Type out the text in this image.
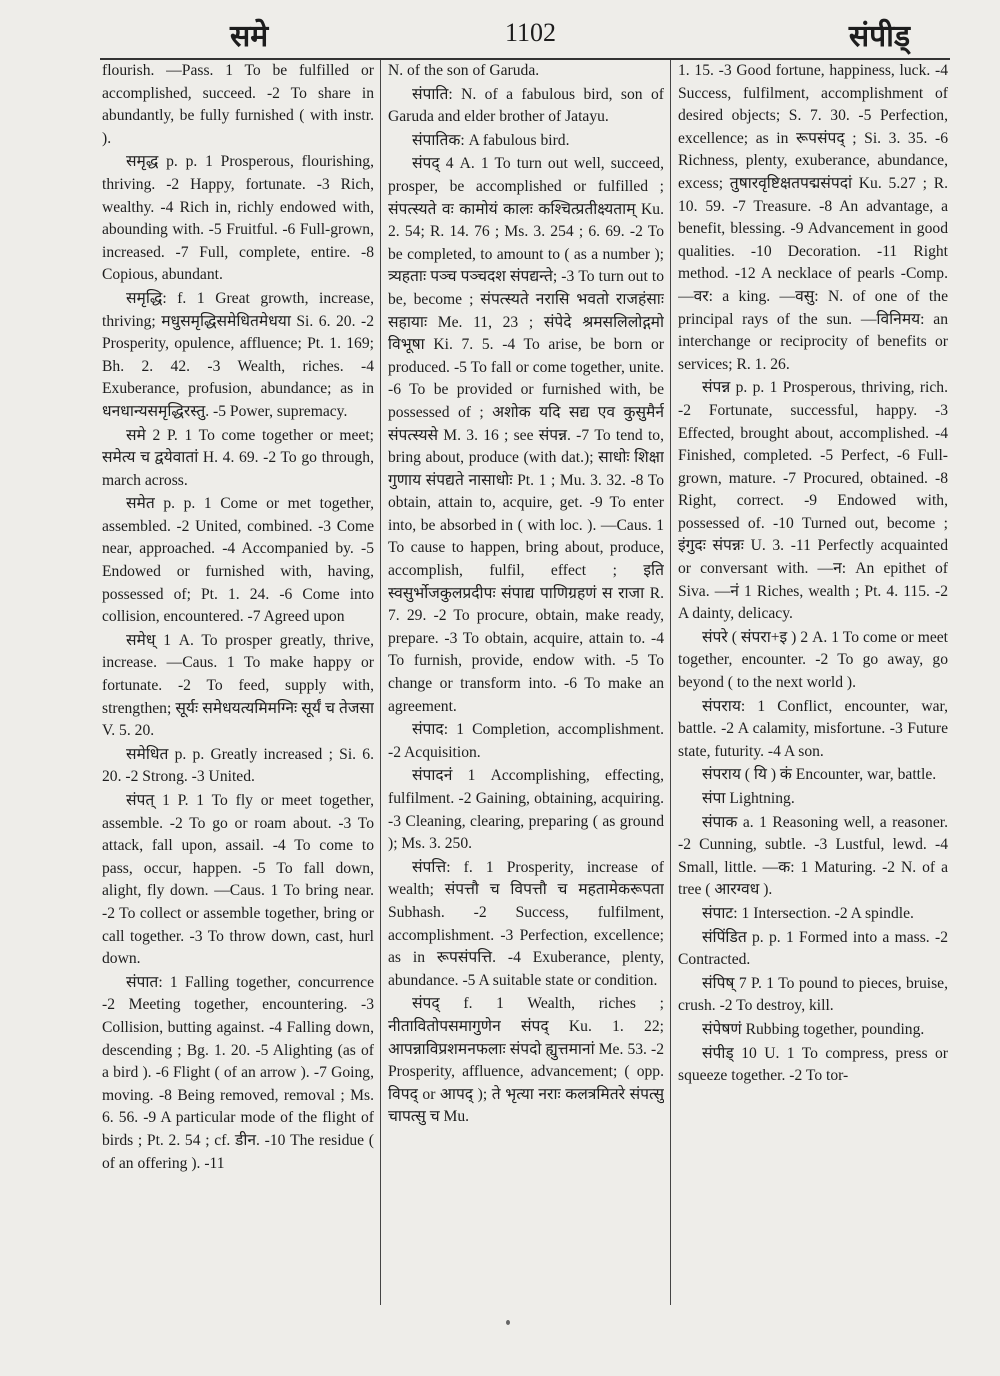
समे	1102	संपीड्

flourish. —Pass. 1 To be fulfilled or accomplished, succeed. -2 To share in abundantly, be fully furnished ( with instr. ).

समृद्ध p. p. 1 Prosperous, flourishing, thriving. -2 Happy, fortunate. -3 Rich, wealthy. -4 Rich in, richly endowed with, abounding with. -5 Fruitful. -6 Full-grown, increased. -7 Full, complete, entire. -8 Copious, abundant.

समृद्धि: f. 1 Great growth, increase, thriving; मधुसमृद्धिसमेधितमेधया Si. 6. 20. -2 Prosperity, opulence, affluence; Pt. 1. 169; Bh. 2. 42. -3 Wealth, riches. -4 Exuberance, profusion, abundance; as in धनधान्यसमृद्धिरस्तु. -5 Power, supremacy.

समे 2 P. 1 To come together or meet; समेत्य च द्वयेवातां H. 4. 69. -2 To go through, march across.

समेत p. p. 1 Come or met together, assembled. -2 United, combined. -3 Come near, approached. -4 Accompanied by. -5 Endowed or furnished with, having, possessed of; Pt. 1. 24. -6 Come into collision, encountered. -7 Agreed upon

समेध् 1 A. To prosper greatly, thrive, increase. —Caus. 1 To make happy or fortunate. -2 To feed, supply with, strengthen; सूर्यः समेधयत्यमिमग्निः सूर्यं च तेजसा V. 5. 20.

समेधित p. p. Greatly increased ; Si. 6. 20. -2 Strong. -3 United.

संपत् 1 P. 1 To fly or meet together, assemble. -2 To go or roam about. -3 To attack, fall upon, assail. -4 To come to pass, occur, happen. -5 To fall down, alight, fly down. —Caus. 1 To bring near. -2 To collect or assemble together, bring or call together. -3 To throw down, cast, hurl down.

संपात: 1 Falling together, concurrence -2 Meeting together, encountering. -3 Collision, butting against. -4 Falling down, descending ; Bg. 1. 20. -5 Alighting (as of a bird ). -6 Flight ( of an arrow ). -7 Going, moving. -8 Being removed, removal ; Ms. 6. 56. -9 A particular mode of the flight of birds ; Pt. 2. 54 ; cf. डीन. -10 The residue ( of an offering ). -11

N. of the son of Garuda.

संपाति: N. of a fabulous bird, son of Garuda and elder brother of Jatayu.

संपातिक: A fabulous bird.

संपद् 4 A. 1 To turn out well, succeed, prosper, be accomplished or fulfilled ; संपत्स्यते वः कामोयं कालः कश्चित्प्रतीक्ष्यताम् Ku. 2. 54; R. 14. 76 ; Ms. 3. 254 ; 6. 69. -2 To be completed, to amount to ( as a number ); त्र्यहताः पञ्च पञ्चदश संपद्यन्ते; -3 To turn out to be, become ; संपत्स्यते नरासि भवतो राजहंसाः सहायाः Me. 11, 23 ; संपेदे श्रमसलिलोद्गमो विभूषा Ki. 7. 5. -4 To arise, be born or produced. -5 To fall or come together, unite. -6 To be provided or furnished with, be possessed of ; अशोक यदि सद्य एव कुसुमैर्न संपत्स्यसे M. 3. 16 ; see संपन्न. -7 To tend to, bring about, produce (with dat.); साधोः शिक्षा गुणाय संपद्यते नासाधोः Pt. 1 ; Mu. 3. 32. -8 To obtain, attain to, acquire, get. -9 To enter into, be absorbed in ( with loc. ). —Caus. 1 To cause to happen, bring about, produce, accomplish, fulfil, effect ; इति स्वसुर्भोजकुलप्रदीपः संपाद्य पाणिग्रहणं स राजा R. 7. 29. -2 To procure, obtain, make ready, prepare. -3 To obtain, acquire, attain to. -4 To furnish, provide, endow with. -5 To change or transform into. -6 To make an agreement.

संपाद: 1 Completion, accomplishment. -2 Acquisition.

संपादनं 1 Accomplishing, effecting, fulfilment. -2 Gaining, obtaining, acquiring. -3 Cleaning, clearing, preparing ( as ground ); Ms. 3. 250.

संपत्ति: f. 1 Prosperity, increase of wealth; संपत्तौ च विपत्तौ च महतामेकरूपता Subhash. -2 Success, fulfilment, accomplishment. -3 Perfection, excellence; as in रूपसंपत्ति. -4 Exuberance, plenty, abundance. -5 A suitable state or condition.

संपद् f. 1 Wealth, riches ; नीतावितोपसमागुणेन संपद् Ku. 1. 22; आपन्नाविप्रशमनफलाः संपदो ह्युत्तमानां Me. 53. -2 Prosperity, affluence, advancement; ( opp. विपद् or आपद् ); ते भृत्या नराः कलत्रमितरे संपत्सु चापत्सु च Mu.

1. 15. -3 Good fortune, happiness, luck. -4 Success, fulfilment, accomplishment of desired objects; S. 7. 30. -5 Perfection, excellence; as in रूपसंपद् ; Si. 3. 35. -6 Richness, plenty, exuberance, abundance, excess; तुषारवृष्टिक्षतपद्मसंपदां Ku. 5.27 ; R. 10. 59. -7 Treasure. -8 An advantage, a benefit, blessing. -9 Advancement in good qualities. -10 Decoration. -11 Right method. -12 A necklace of pearls -Comp. —वर: a king. —वसु: N. of one of the principal rays of the sun. —विनिमय: an interchange or reciprocity of benefits or services; R. 1. 26.

संपन्न p. p. 1 Prosperous, thriving, rich. -2 Fortunate, successful, happy. -3 Effected, brought about, accomplished. -4 Finished, completed. -5 Perfect, -6 Full-grown, mature. -7 Procured, obtained. -8 Right, correct. -9 Endowed with, possessed of. -10 Turned out, become ; इंगुदः संपन्नः U. 3. -11 Perfectly acquainted or conversant with. —न: An epithet of Siva. —नं 1 Riches, wealth ; Pt. 4. 115. -2 A dainty, delicacy.

संपरे ( संपरा+इ ) 2 A. 1 To come or meet together, encounter. -2 To go away, go beyond ( to the next world ).

संपराय: 1 Conflict, encounter, war, battle. -2 A calamity, misfortune. -3 Future state, futurity. -4 A son.

संपराय ( यि ) कं Encounter, war, battle.

संपा Lightning.

संपाक a. 1 Reasoning well, a reasoner. -2 Cunning, subtle. -3 Lustful, lewd. -4 Small, little. —क: 1 Maturing. -2 N. of a tree ( आरग्वध ).

संपाट: 1 Intersection. -2 A spindle.

संपिंडित p. p. 1 Formed into a mass. -2 Contracted.

संपिष् 7 P. 1 To pound to pieces, bruise, crush. -2 To destroy, kill.

संपेषणं Rubbing together, pounding.

संपीड् 10 U. 1 To compress, press or squeeze together. -2 To tor-
